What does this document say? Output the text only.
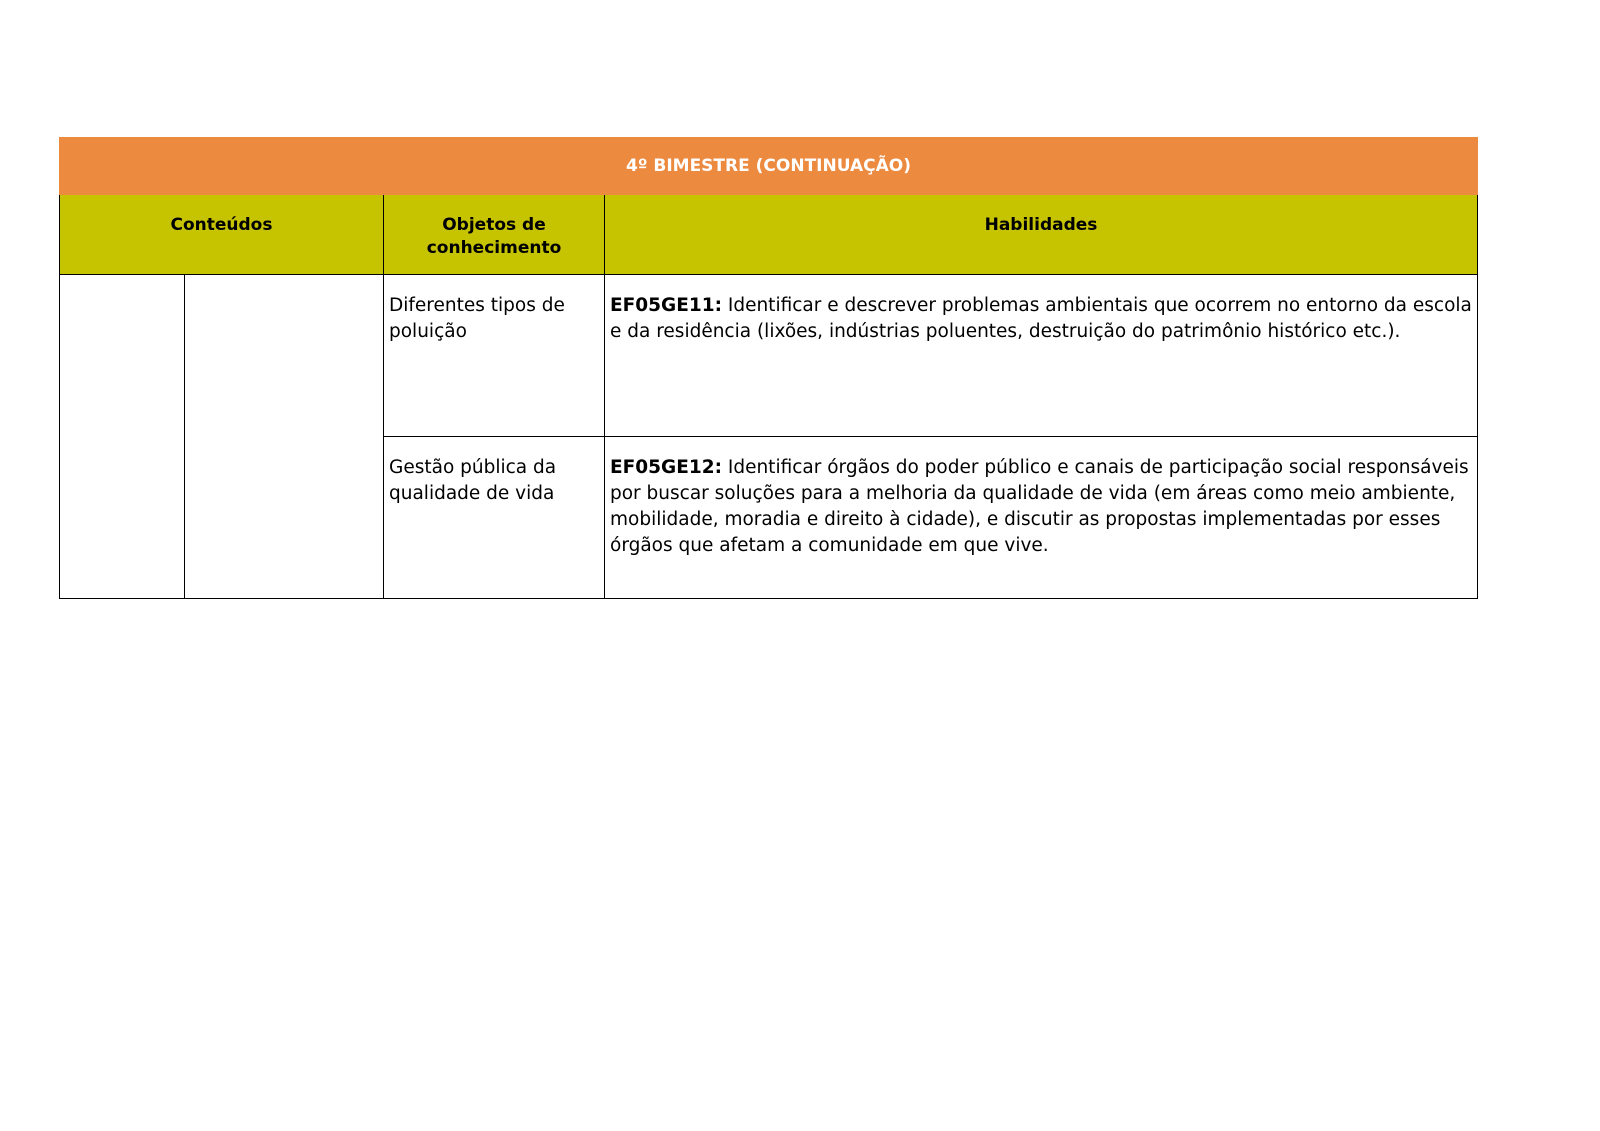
4º BIMESTRE (CONTINUAÇÃO)			
Conteúdos		Objetos de conhecimento	Habilidades
		Diferentes tipos de poluição	EF05GE11: Identificar e descrever problemas ambientais que ocorrem no entorno da escola e da residência (lixões, indústrias poluentes, destruição do patrimônio histórico etc.).
		Gestão pública da qualidade de vida	EF05GE12: Identificar órgãos do poder público e canais de participação social responsáveis por buscar soluções para a melhoria da qualidade de vida (em áreas como meio ambiente, mobilidade, moradia e direito à cidade), e discutir as propostas implementadas por esses órgãos que afetam a comunidade em que vive.
